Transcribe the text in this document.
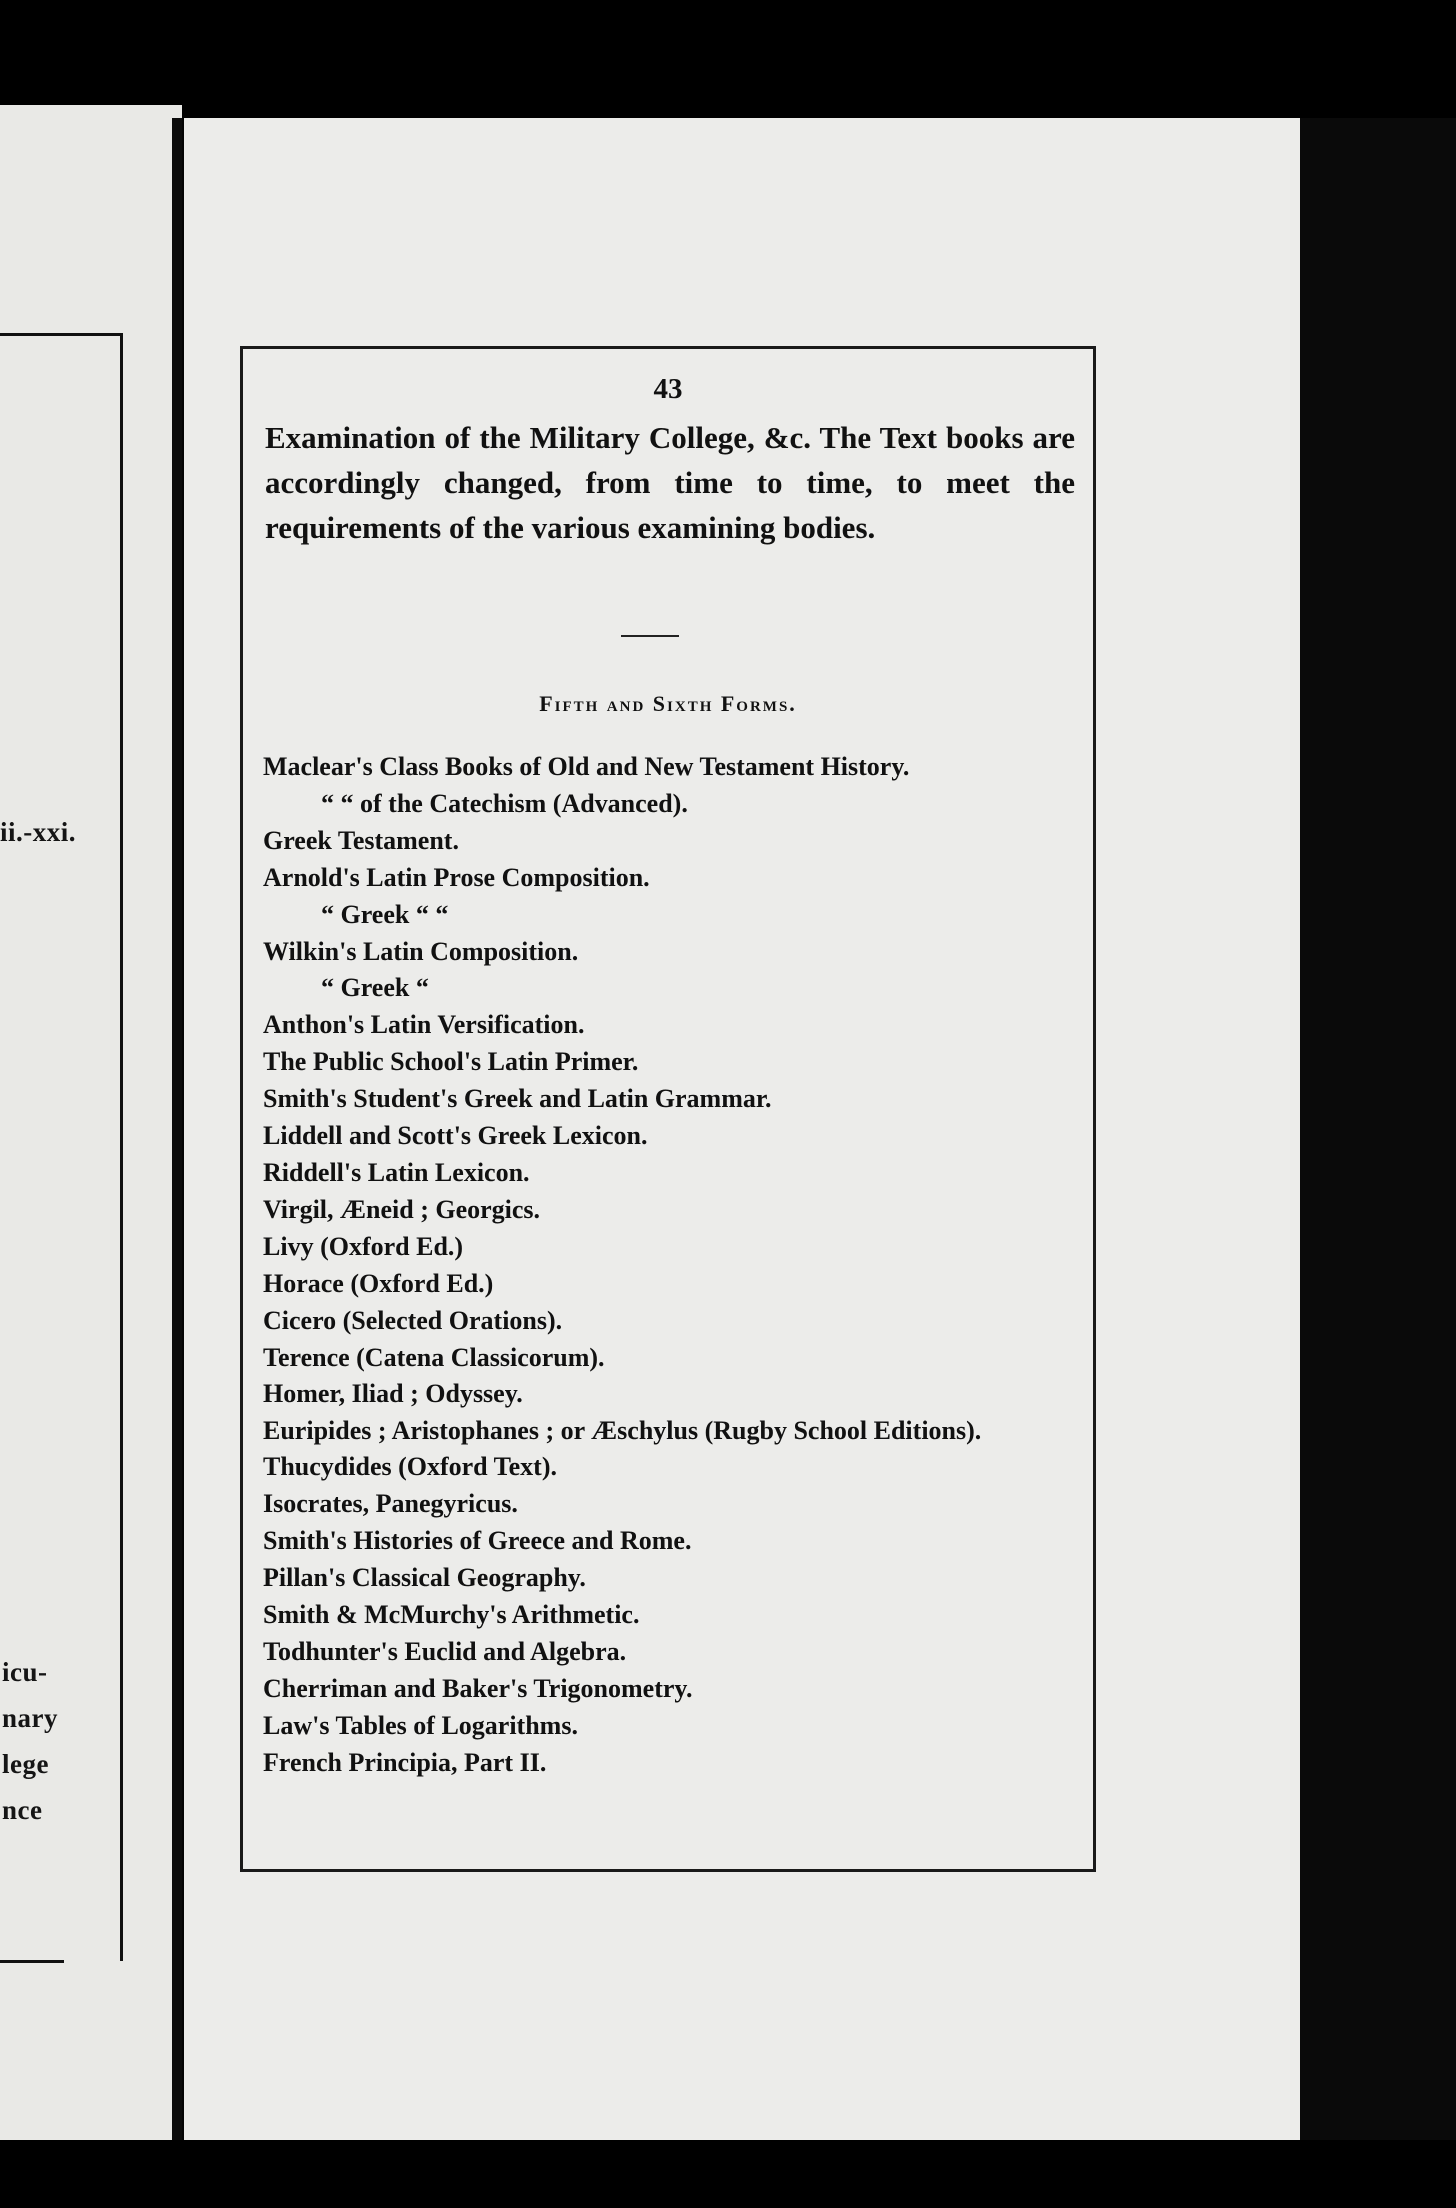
ii.-xxi.
icu-
nary
lege
nce
43
Examination of the Military College, &c. The Text books are accordingly changed, from time to time, to meet the requirements of the various examining bodies.
Fifth and Sixth Forms.
Maclear's Class Books of Old and New Testament History.
“ “ of the Catechism (Advanced).
Greek Testament.
Arnold's Latin Prose Composition.
“ Greek “ “
Wilkin's Latin Composition.
“ Greek “
Anthon's Latin Versification.
The Public School's Latin Primer.
Smith's Student's Greek and Latin Grammar.
Liddell and Scott's Greek Lexicon.
Riddell's Latin Lexicon.
Virgil, Æneid ; Georgics.
Livy (Oxford Ed.)
Horace (Oxford Ed.)
Cicero (Selected Orations).
Terence (Catena Classicorum).
Homer, Iliad ; Odyssey.
Euripides ; Aristophanes ; or Æschylus (Rugby School Editions).
Thucydides (Oxford Text).
Isocrates, Panegyricus.
Smith's Histories of Greece and Rome.
Pillan's Classical Geography.
Smith & McMurchy's Arithmetic.
Todhunter's Euclid and Algebra.
Cherriman and Baker's Trigonometry.
Law's Tables of Logarithms.
French Principia, Part II.
